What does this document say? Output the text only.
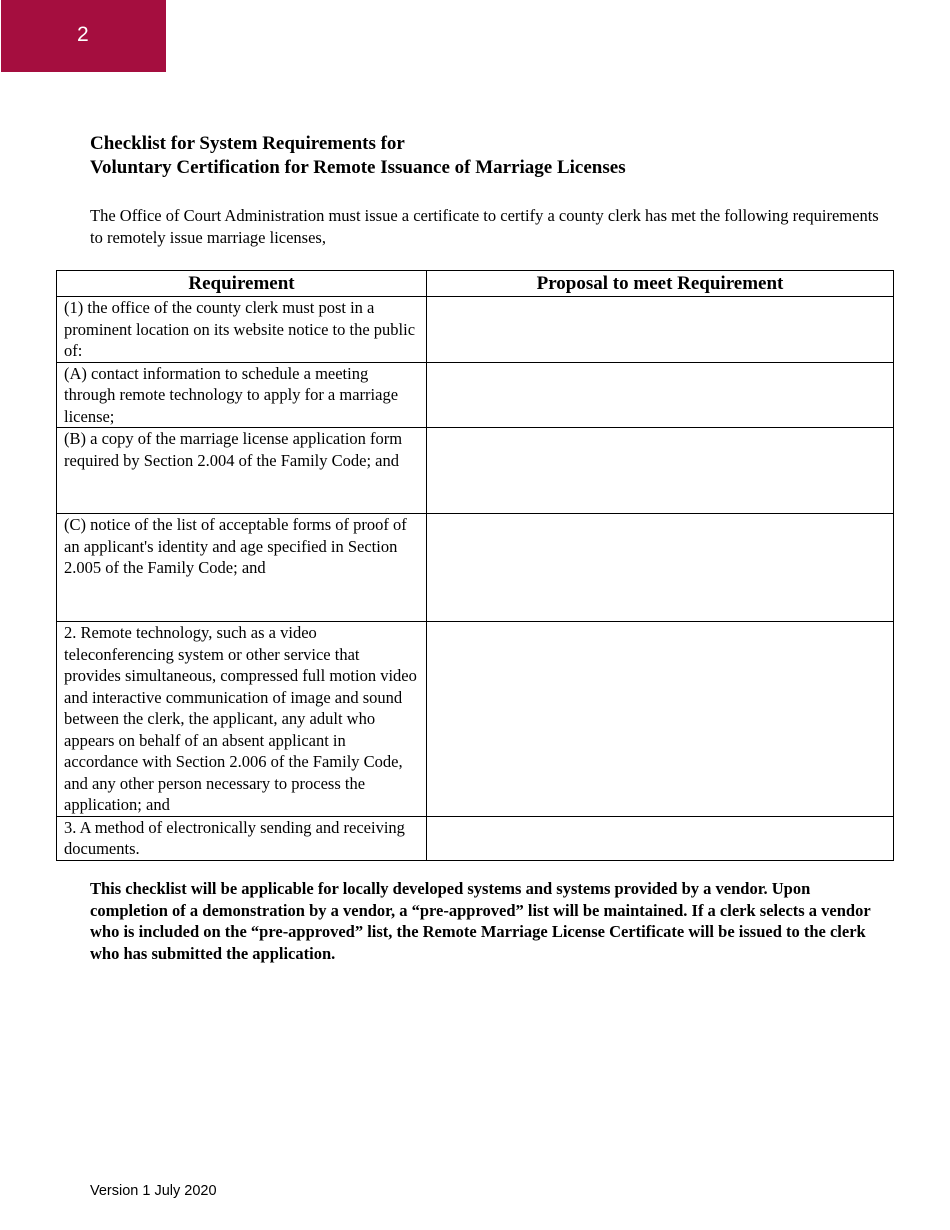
2
Checklist for System Requirements for
Voluntary Certification for Remote Issuance of Marriage Licenses

The Office of Court Administration must issue a certificate to certify a county clerk has met the following requirements to remotely issue marriage licenses,

Requirement	Proposal to meet Requirement
(1) the office of the county clerk must post in a prominent location on its website notice to the public of:	
(A) contact information to schedule a meeting through remote technology to apply for a marriage license;	
(B) a copy of the marriage license application form required by Section 2.004 of the Family Code; and	
(C) notice of the list of acceptable forms of proof of an applicant's identity and age specified in Section 2.005 of the Family Code; and	
2. Remote technology, such as a video teleconferencing system or other service that provides simultaneous, compressed full motion video and interactive communication of image and sound between the clerk, the applicant, any adult who appears on behalf of an absent applicant in accordance with Section 2.006 of the Family Code, and any other person necessary to process the application; and	
3. A method of electronically sending and receiving documents.	

This checklist will be applicable for locally developed systems and systems provided by a vendor. Upon completion of a demonstration by a vendor, a “pre-approved” list will be maintained. If a clerk selects a vendor who is included on the “pre-approved” list, the Remote Marriage License Certificate will be issued to the clerk who has submitted the application.

Version 1 July 2020
